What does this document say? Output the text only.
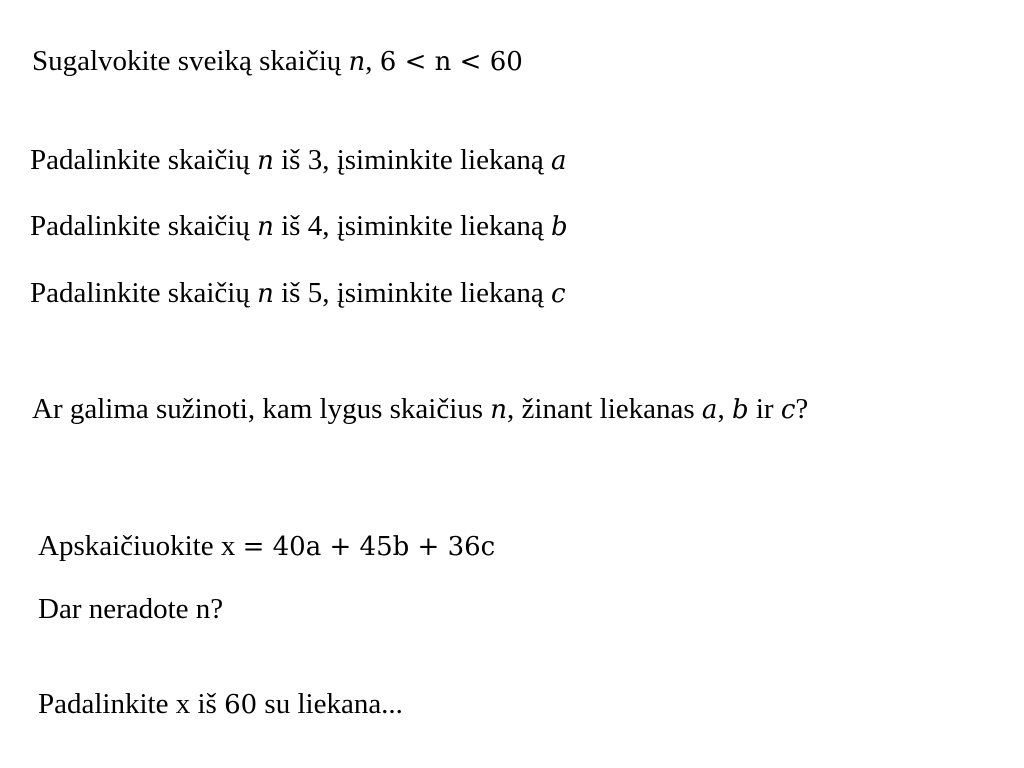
Sugalvokite sveiką skaičių n, 6 < n < 60
Padalinkite skaičių n iš 3, įsiminkite liekaną a
Padalinkite skaičių n iš 4, įsiminkite liekaną b
Padalinkite skaičių n iš 5, įsiminkite liekaną c
Ar galima sužinoti, kam lygus skaičius n, žinant liekanas a, b ir c?
Apskaičiuokite x = 40a + 45b + 36c
Dar neradote n?
Padalinkite x iš 60 su liekana...
